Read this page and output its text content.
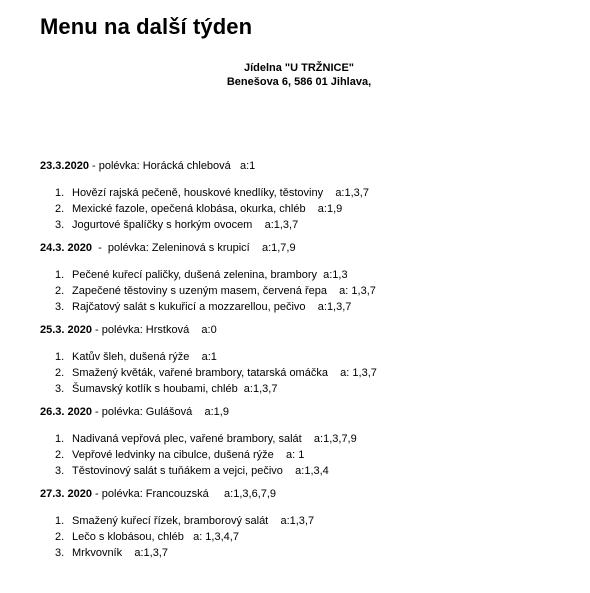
Menu na další týden
Jídelna "U TRŽNICE"
Benešova 6, 586 01 Jihlava,
23.3.2020 - polévka: Horácká chlebová   a:1
1. Hovězí rajská pečeně, houskové knedlíky, těstoviny    a:1,3,7
2. Mexické fazole, opečená klobása, okurka, chléb    a:1,9
3. Jogurtové špalíčky s horkým ovocem    a:1,3,7
24.3. 2020  -  polévka: Zeleninová s krupicí    a:1,7,9
1. Pečené kuřecí paličky, dušená zelenina, brambory  a:1,3
2. Zapečené těstoviny s uzeným masem, červená řepa    a: 1,3,7
3. Rajčatový salát s kukuřicí a mozzarellou, pečivo    a:1,3,7
25.3. 2020 - polévka: Hrstková    a:0
1. Katův šleh, dušená rýže    a:1
2. Smažený květák, vařené brambory, tatarská omáčka    a: 1,3,7
3. Šumavský kotlík s houbami, chléb  a:1,3,7
26.3. 2020 - polévka: Gulášová    a:1,9
1. Nadivaná vepřová plec, vařené brambory, salát    a:1,3,7,9
2. Vepřové ledvinky na cibulce, dušená rýže    a: 1
3. Těstovinový salát s tuňákem a vejci, pečivo    a:1,3,4
27.3. 2020 - polévka: Francouzská     a:1,3,6,7,9
1. Smažený kuřecí řízek, bramborový salát    a:1,3,7
2. Lečo s klobásou, chléb   a: 1,3,4,7
3. Mrkvovník    a:1,3,7
